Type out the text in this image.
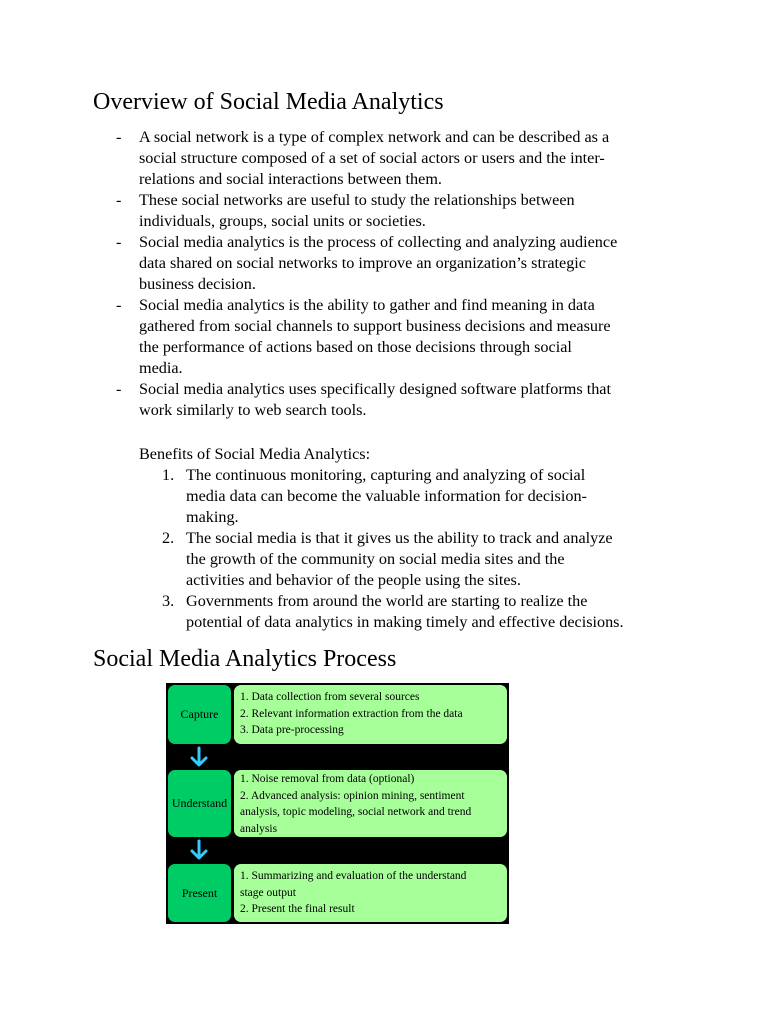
Overview of Social Media Analytics
- A social network is a type of complex network and can be described as a
social structure composed of a set of social actors or users and the inter-
relations and social interactions between them.
- These social networks are useful to study the relationships between
individuals, groups, social units or societies.
- Social media analytics is the process of collecting and analyzing audience
data shared on social networks to improve an organization’s strategic
business decision.
- Social media analytics is the ability to gather and find meaning in data
gathered from social channels to support business decisions and measure
the performance of actions based on those decisions through social
media.
- Social media analytics uses specifically designed software platforms that
work similarly to web search tools.
Benefits of Social Media Analytics:
1. The continuous monitoring, capturing and analyzing of social
media data can become the valuable information for decision-
making.
2. The social media is that it gives us the ability to track and analyze
the growth of the community on social media sites and the
activities and behavior of the people using the sites.
3. Governments from around the world are starting to realize the
potential of data analytics in making timely and effective decisions.
Social Media Analytics Process
Capture
1. Data collection from several sources
2. Relevant information extraction from the data
3. Data pre-processing
Understand
1. Noise removal from data (optional)
2. Advanced analysis: opinion mining, sentiment
analysis, topic modeling, social network and trend
analysis
Present
1. Summarizing and evaluation of the understand
stage output
2. Present the final result
